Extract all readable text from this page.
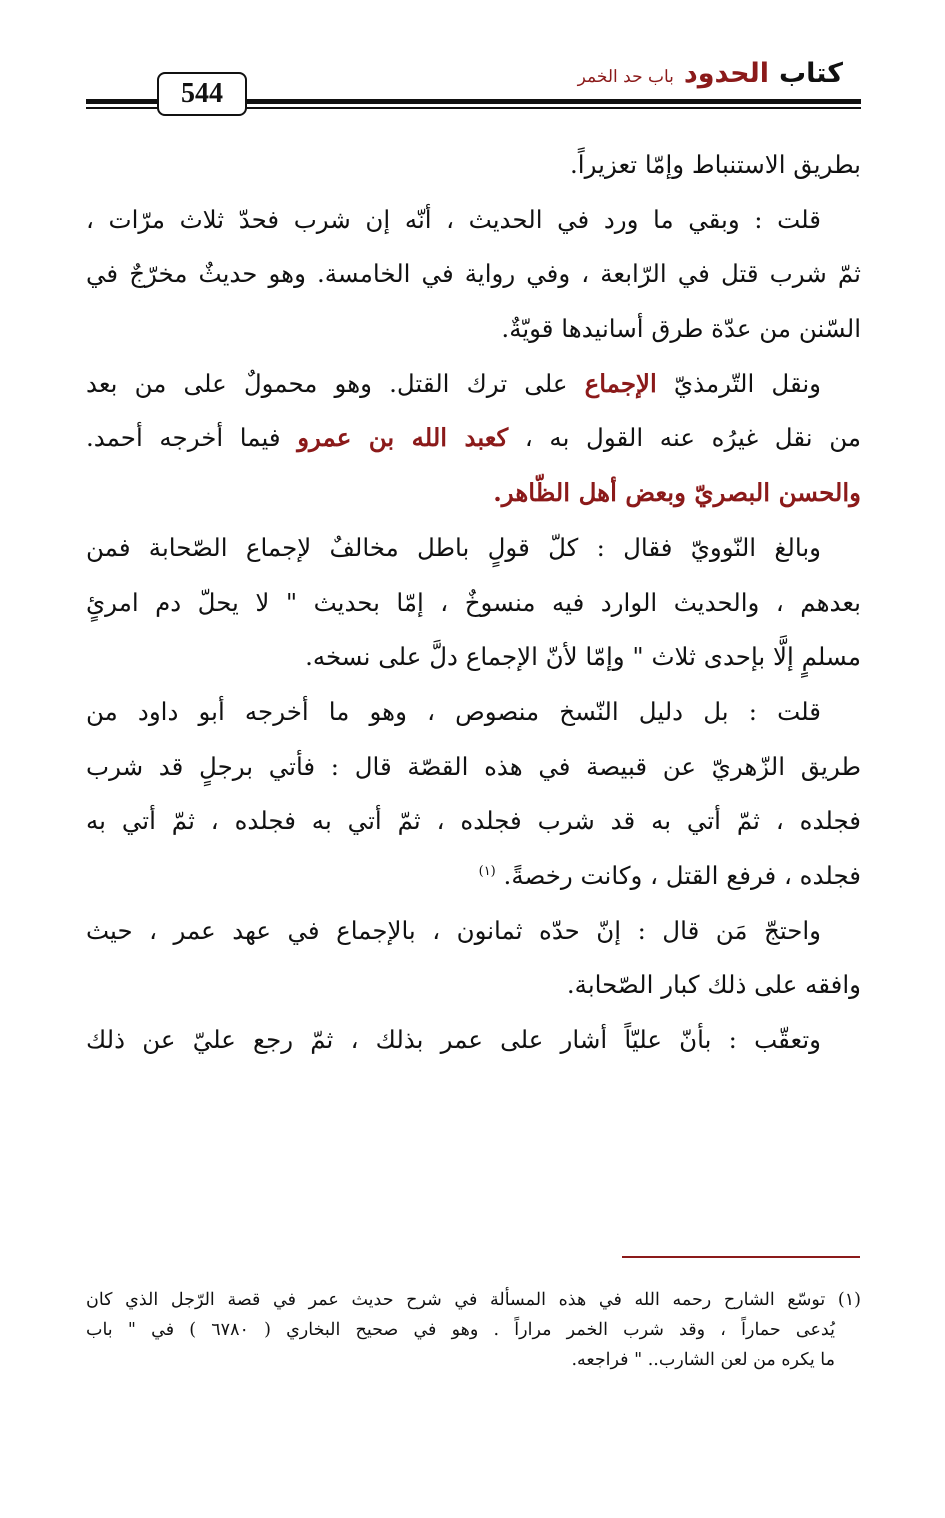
كتاب
الحدود
باب حد الخمر
544
بطريق الاستنباط وإمّا تعزيراً.
قلت : وبقي ما ورد في الحديث ، أنّه إن شرب فحدّ ثلاث مرّات ،
ثمّ شرب قتل في الرّابعة ، وفي رواية في الخامسة. وهو حديثٌ مخرّجٌ في
السّنن من عدّة طرق أسانيدها قويّةٌ.
ونقل التّرمذيّ الإجماع على ترك القتل. وهو محمولٌ على من بعد
من نقل غيرُه عنه القول به ، كعبد الله بن عمرو فيما أخرجه أحمد.
والحسن البصريّ وبعض أهل الظّاهر.
وبالغ النّوويّ فقال : كلّ قولٍ باطل مخالفٌ لإجماع الصّحابة فمن
بعدهم ، والحديث الوارد فيه منسوخٌ ، إمّا بحديث " لا يحلّ دم امرئٍ
مسلمٍ إلَّا بإحدى ثلاث " وإمّا لأنّ الإجماع دلَّ على نسخه.
قلت : بل دليل النّسخ منصوص ، وهو ما أخرجه أبو داود من
طريق الزّهريّ عن قبيصة في هذه القصّة قال : فأتي برجلٍ قد شرب
فجلده ، ثمّ أتي به قد شرب فجلده ، ثمّ أتي به فجلده ، ثمّ أتي به
فجلده ، فرفع القتل ، وكانت رخصةً. $^{(١)}$
واحتجّ مَن قال : إنّ حدّه ثمانون ، بالإجماع في عهد عمر ، حيث
وافقه على ذلك كبار الصّحابة.
وتعقّب : بأنّ عليّاً أشار على عمر بذلك ، ثمّ رجع عليّ عن ذلك
(١) توسّع الشارح رحمه الله في هذه المسألة في شرح حديث عمر في قصة الرّجل الذي كان
يُدعى حماراً ، وقد شرب الخمر مراراً . وهو في صحيح البخاري ( ٦٧٨٠ ) في " باب
ما يكره من لعن الشارب.. " فراجعه.
